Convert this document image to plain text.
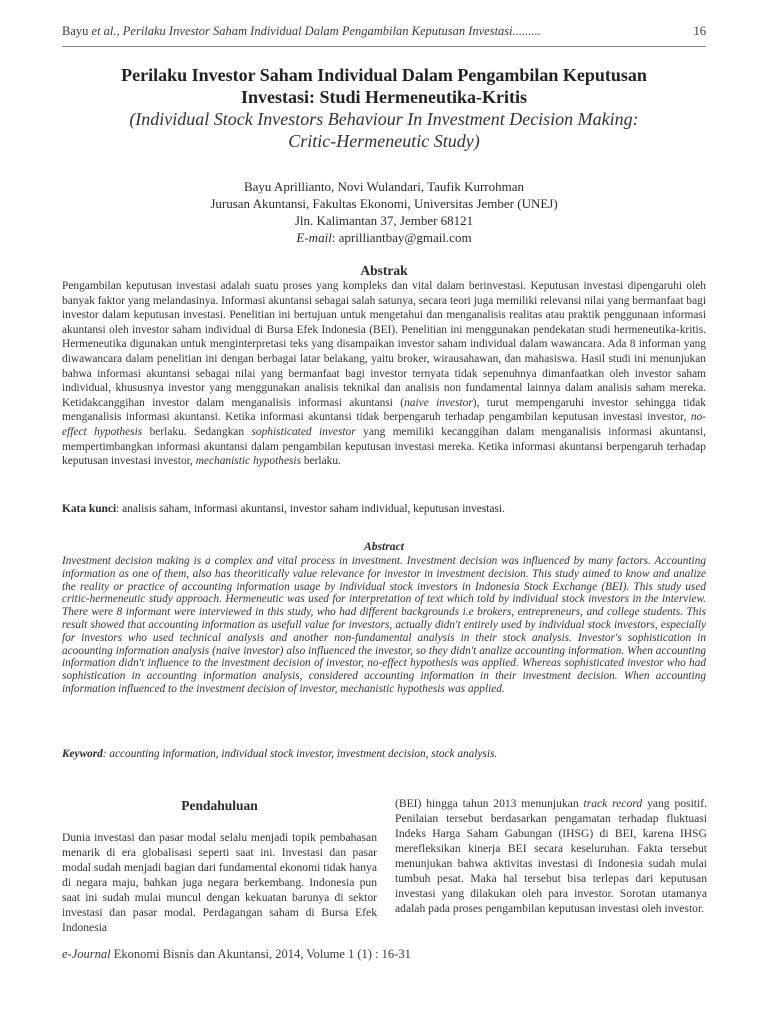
Bayu et al., Perilaku Investor Saham Individual Dalam Pengambilan Keputusan Investasi.........	16

Perilaku Investor Saham Individual Dalam Pengambilan Keputusan

Investasi: Studi Hermeneutika-Kritis

(Individual Stock Investors Behaviour In Investment Decision Making:

Critic-Hermeneutic Study)

Bayu Aprillianto, Novi Wulandari, Taufik Kurrohman
Jurusan Akuntansi, Fakultas Ekonomi, Universitas Jember (UNEJ)
Jln. Kalimantan 37, Jember 68121
E-mail: aprilliantbay@gmail.com
Abstrak
Pengambilan keputusan investasi adalah suatu proses yang kompleks dan vital dalam berinvestasi. Keputusan investasi dipengaruhi oleh banyak faktor yang melandasinya. Informasi akuntansi sebagai salah satunya, secara teori juga memiliki relevansi nilai yang bermanfaat bagi investor dalam keputusan investasi. Penelitian ini bertujuan untuk mengetahui dan menganalisis realitas atau praktik penggunaan informasi akuntansi oleh investor saham individual di Bursa Efek Indonesia (BEI). Penelitian ini menggunakan pendekatan studi hermeneutika-kritis. Hermeneutika digunakan untuk menginterpretasi teks yang disampaikan investor saham individual dalam wawancara. Ada 8 informan yang diwawancara dalam penelitian ini dengan berbagai latar belakang, yaitu broker, wirausahawan, dan mahasiswa. Hasil studi ini menunjukan bahwa informasi akuntansi sebagai nilai yang bermanfaat bagi investor ternyata tidak sepenuhnya dimanfaatkan oleh investor saham individual, khususnya investor yang menggunakan analisis teknikal dan analisis non fundamental lainnya dalam analisis saham mereka. Ketidakcanggihan investor dalam menganalisis informasi akuntansi (naive investor), turut mempengaruhi investor sehingga tidak menganalisis informasi akuntansi. Ketika informasi akuntansi tidak berpengaruh terhadap pengambilan keputusan investasi investor, no-effect hypothesis berlaku. Sedangkan sophisticated investor yang memiliki kecanggihan dalam menganalisis informasi akuntansi, mempertimbangkan informasi akuntansi dalam pengambilan keputusan investasi mereka. Ketika informasi akuntansi berpengaruh terhadap keputusan investasi investor, mechanistic hypothesis berlaku.
Kata kunci: analisis saham, informasi akuntansi, investor saham individual, keputusan investasi.
Abstract
Investment decision making is a complex and vital process in investment. Investment decision was influenced by many factors. Accounting information as one of them, also has theoritically value relevance for investor in investment decision. This study aimed to know and analize the reality or practice of accounting information usage by individual stock investors in Indonesia Stock Exchange (BEI). This study used critic-hermeneutic study approach. Hermeneutic was used for interpretation of text which told by individual stock investors in the interview. There were 8 informant were interviewed in this study, who had different backgrounds i.e brokers, entrepreneurs, and college students. This result showed that accounting information as usefull value for investors, actually didn't entirely used by individual stock investors, especially for investors who used technical analysis and another non-fundamental analysis in their stock analysis. Investor's sophistication in acoounting information analysis (naive investor) also influenced the investor, so they didn't analize accounting information. When accounting information didn't influence to the investment decision of investor, no-effect hypothesis was applied. Whereas sophisticated investor who had sophistication in accounting information analysis, considered accounting information in their investment decision. When accounting information influenced to the investment decision of investor, mechanistic hypothesis was applied.
Keyword: accounting information, individual stock investor, investment decision, stock analysis.
Pendahuluan

Dunia investasi dan pasar modal selalu menjadi topik pembahasan menarik di era globalisasi seperti saat ini. Investasi dan pasar modal sudah menjadi bagian dari fundamental ekonomi tidak hanya di negara maju, bahkan juga negara berkembang. Indonesia pun saat ini sudah mulai muncul dengan kekuatan barunya di sektor investasi dan pasar modal. Perdagangan saham di Bursa Efek Indonesia

(BEI) hingga tahun 2013 menunjukan track record yang positif. Penilaian tersebut berdasarkan pengamatan terhadap fluktuasi Indeks Harga Saham Gabungan (IHSG) di BEI, karena IHSG merefleksikan kinerja BEI secara keseluruhan. Fakta tersebut menunjukan bahwa aktivitas investasi di Indonesia sudah mulai tumbuh pesat. Maka hal tersebut bisa terlepas dari keputusan investasi yang dilakukan oleh para investor. Sorotan utamanya adalah pada proses pengambilan keputusan investasi oleh investor.

e-Journal Ekonomi Bisnis dan Akuntansi, 2014, Volume 1 (1) : 16-31
